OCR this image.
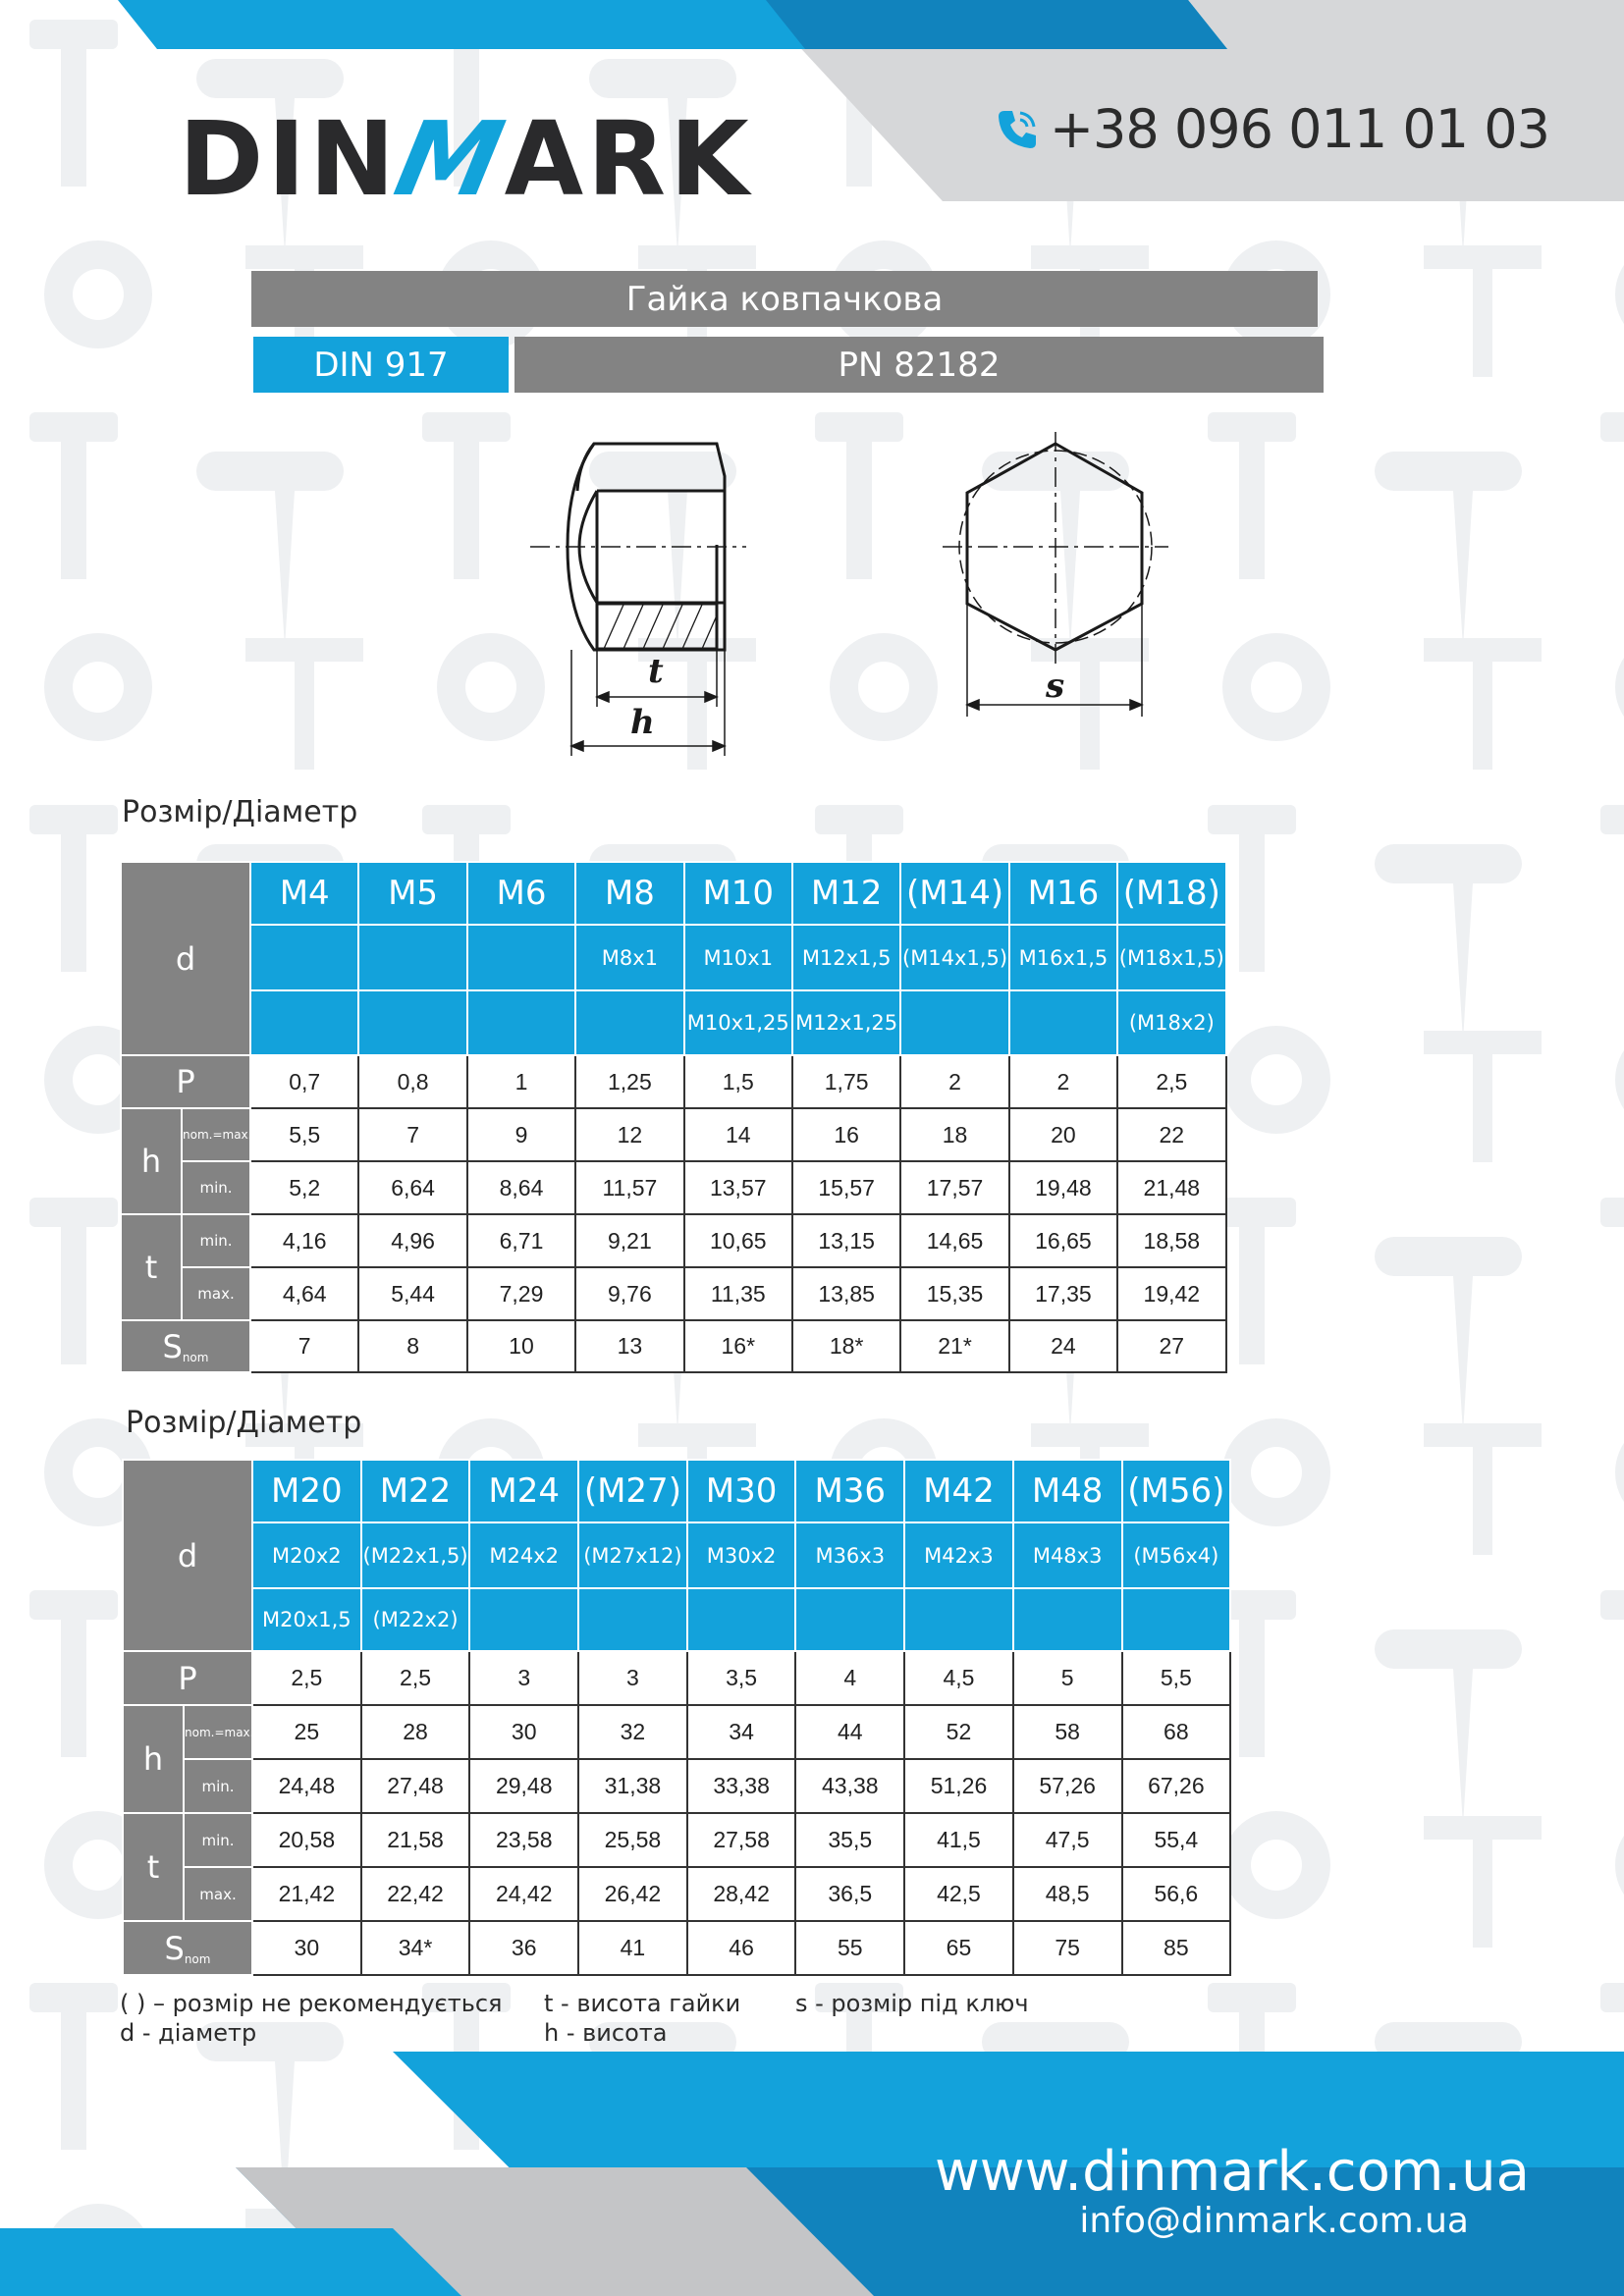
DINMARK	+38 096 011 01 03
Гайка ковпачкова
DIN 917	PN 82182
t
h
s
Розмір/Діаметр
d		M4	M5	M6	M8	M10	M12	(M14)	M16	(M18)
					M8x1	M10x1	M12x1,5	(M14x1,5)	M16x1,5	(M18x1,5)
						M10x1,25	M12x1,25			(M18x2)
P		0,7	0,8	1	1,25	1,5	1,75	2	2	2,5
h	nom.=max.	5,5	7	9	12	14	16	18	20	22
	min.	5,2	6,64	8,64	11,57	13,57	15,57	17,57	19,48	21,48
t	min.	4,16	4,96	6,71	9,21	10,65	13,15	14,65	16,65	18,58
	max.	4,64	5,44	7,29	9,76	11,35	13,85	15,35	17,35	19,42
$S_{nom}$		7	8	10	13	16*	18*	21*	24	27
Розмір/Діаметр
d		M20	M22	M24	(M27)	M30	M36	M42	M48	(M56)
		M20x2	(M22x1,5)	M24x2	(M27x12)	M30x2	M36x3	M42x3	M48x3	(M56x4)
		M20x1,5	(M22x2)							
P		2,5	2,5	3	3	3,5	4	4,5	5	5,5
h	nom.=max.	25	28	30	32	34	44	52	58	68
	min.	24,48	27,48	29,48	31,38	33,38	43,38	51,26	57,26	67,26
t	min.	20,58	21,58	23,58	25,58	27,58	35,5	41,5	47,5	55,4
	max.	21,42	22,42	24,42	26,42	28,42	36,5	42,5	48,5	56,6
$S_{nom}$		30	34*	36	41	46	55	65	75	85
( ) – розмір не рекомендується
d - діаметр
t - висота гайки
h - висота
s - розмір під ключ
www.dinmark.com.ua
info@dinmark.com.ua
